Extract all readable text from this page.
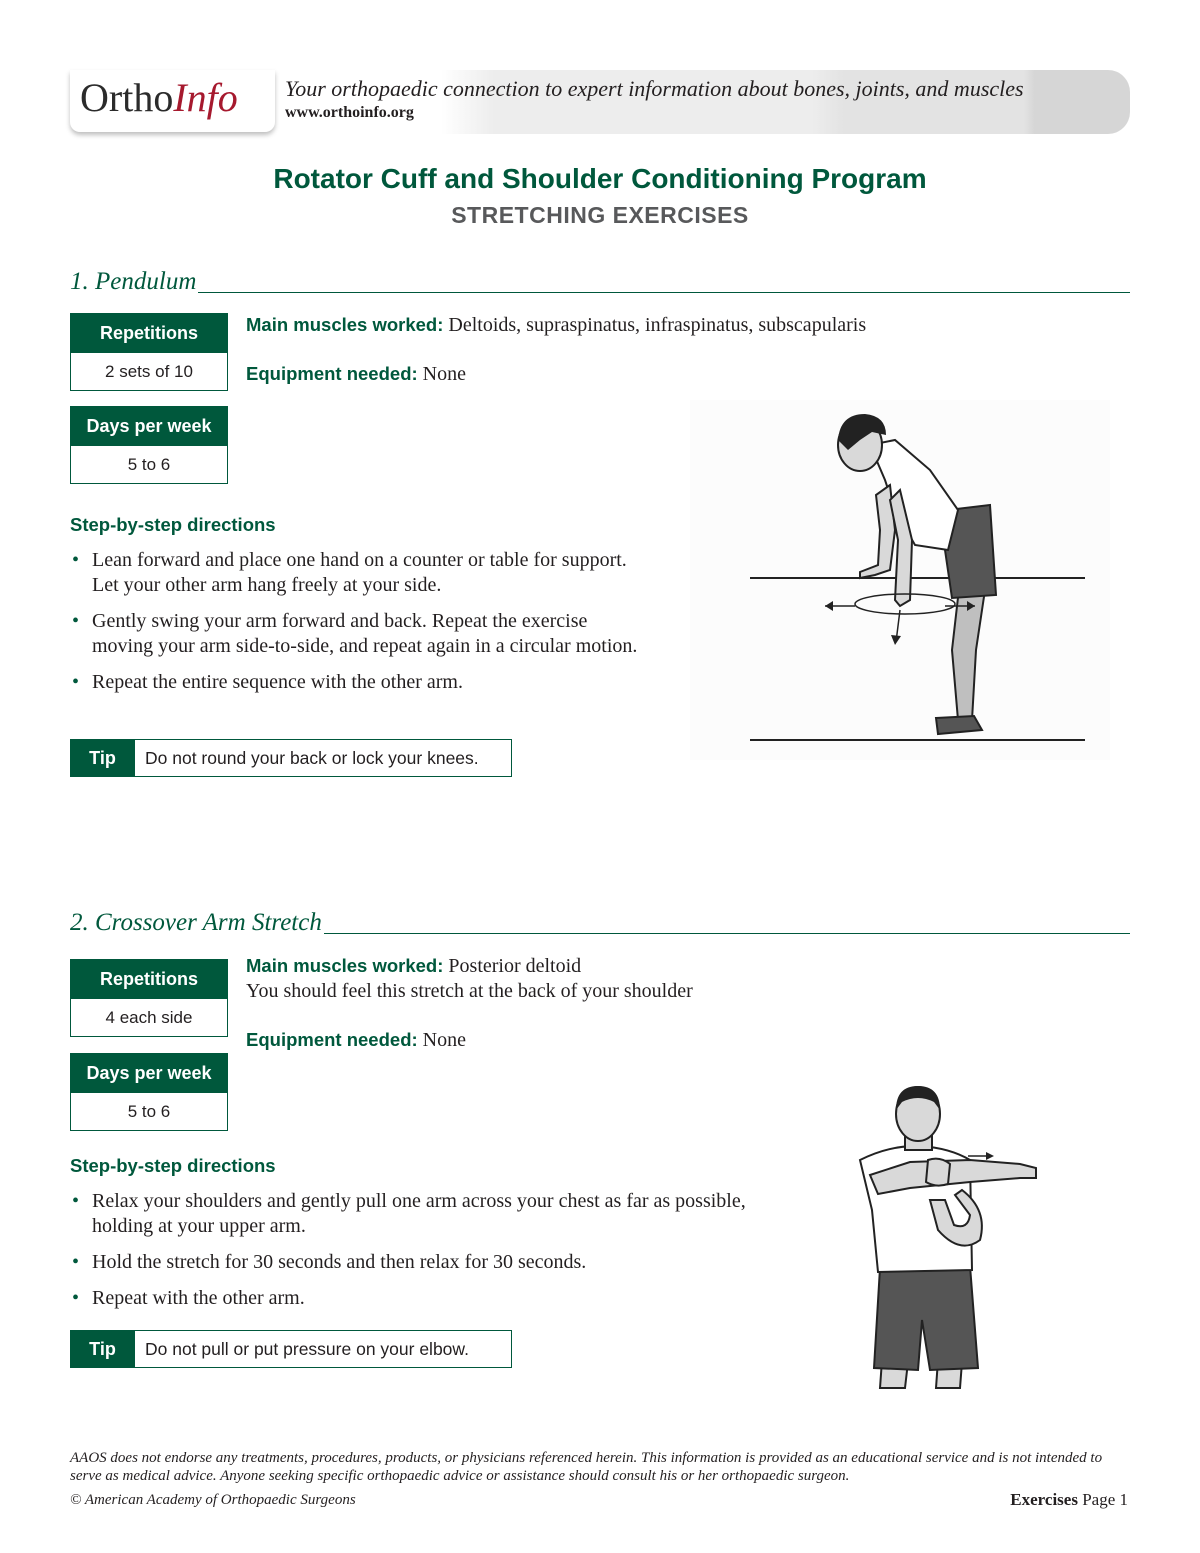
OrthoInfo Your orthopaedic connection to expert information about bones, joints, and muscles
www.orthoinfo.org
Rotator Cuff and Shoulder Conditioning Program
STRETCHING EXERCISES
1. Pendulum
Repetitions
2 sets of 10
Days per week
5 to 6
Main muscles worked: Deltoids, supraspinatus, infraspinatus, subscapularis
Equipment needed: None
Step-by-step directions
• Lean forward and place one hand on a counter or table for support. Let your other arm hang freely at your side.
• Gently swing your arm forward and back. Repeat the exercise moving your arm side-to-side, and repeat again in a circular motion.
• Repeat the entire sequence with the other arm.
Tip	Do not round your back or lock your knees.
2. Crossover Arm Stretch
Repetitions
4 each side
Days per week
5 to 6
Main muscles worked: Posterior deltoid
You should feel this stretch at the back of your shoulder
Equipment needed: None
Step-by-step directions
• Relax your shoulders and gently pull one arm across your chest as far as possible, holding at your upper arm.
• Hold the stretch for 30 seconds and then relax for 30 seconds.
• Repeat with the other arm.
Tip	Do not pull or put pressure on your elbow.
AAOS does not endorse any treatments, procedures, products, or physicians referenced herein. This information is provided as an educational service and is not intended to serve as medical advice. Anyone seeking specific orthopaedic advice or assistance should consult his or her orthopaedic surgeon.
© American Academy of Orthopaedic Surgeons	Exercises Page 1
